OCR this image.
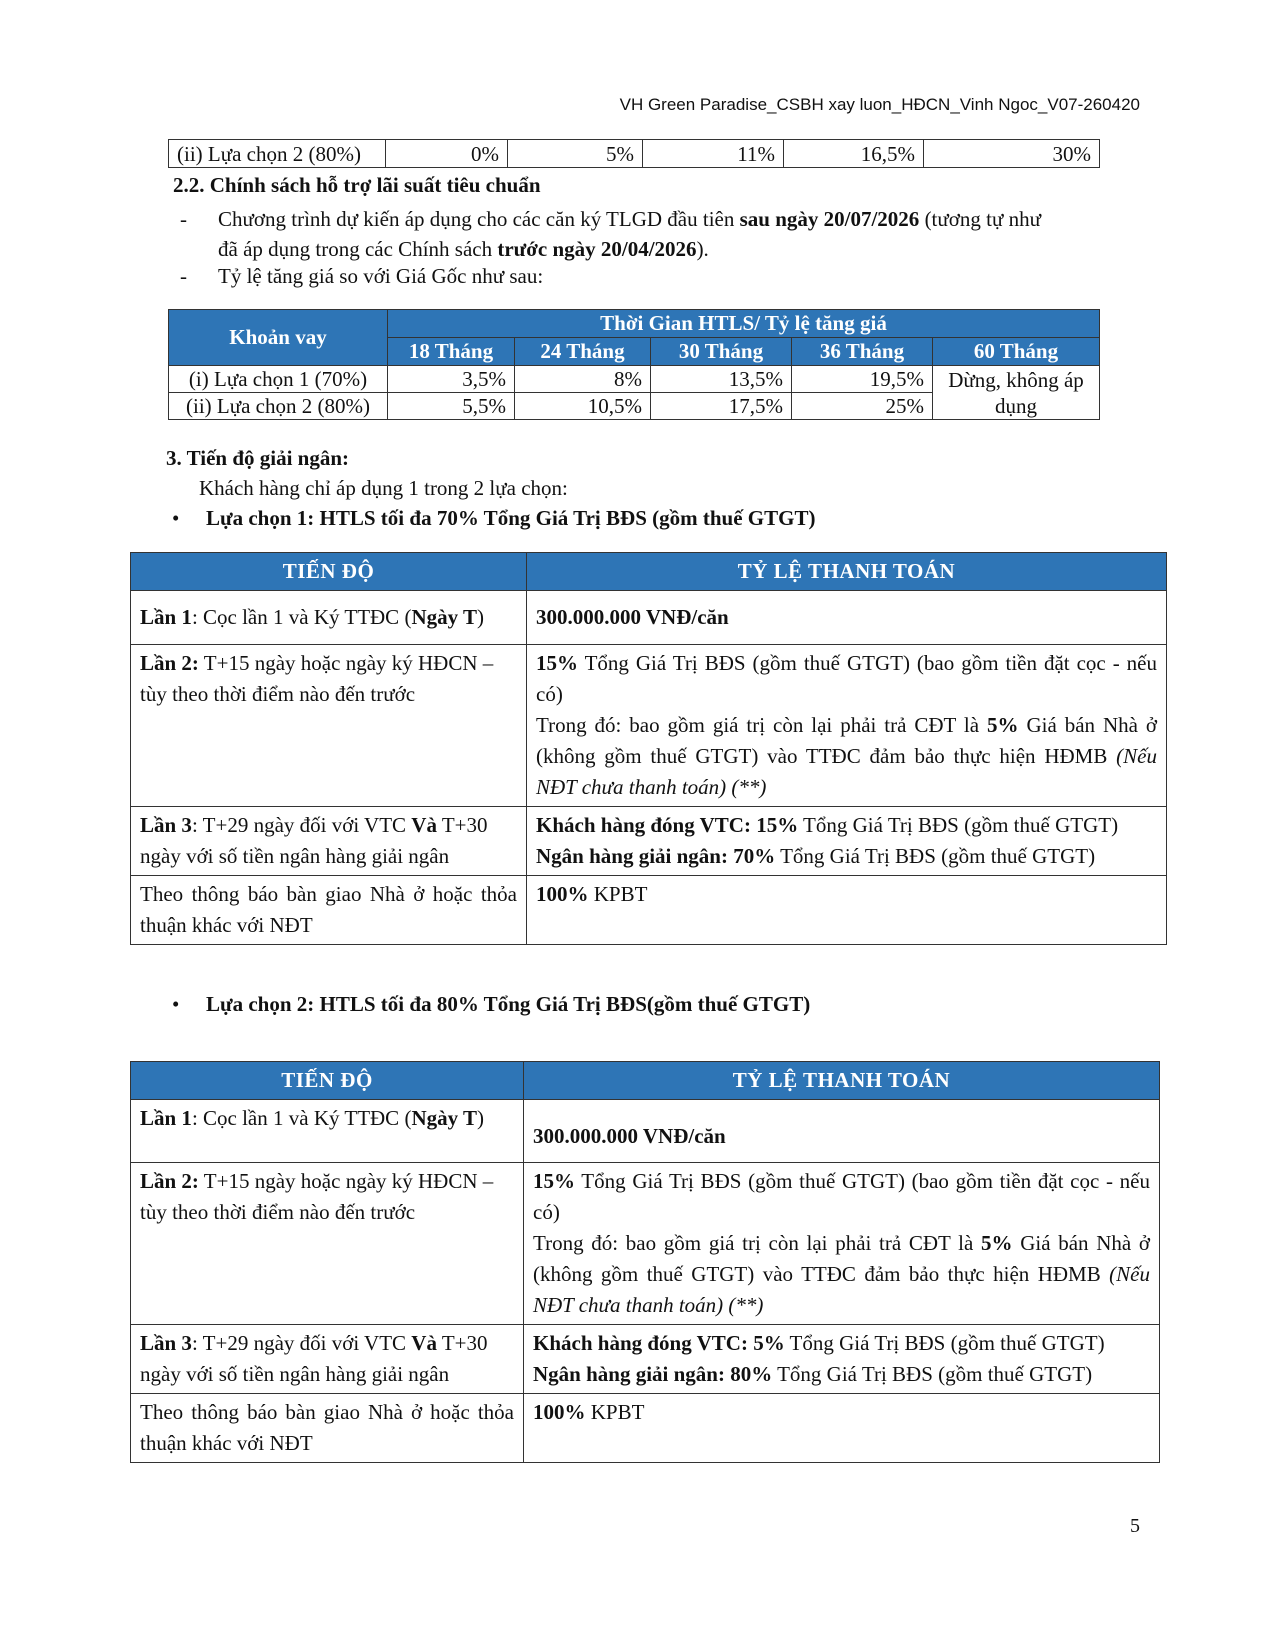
VH Green Paradise_CSBH xay luon_HĐCN_Vinh Ngoc_V07-260420
(ii) Lựa chọn 2 (80%)	0%	5%	11%	16,5%	30%
2.2. Chính sách hỗ trợ lãi suất tiêu chuẩn
- Chương trình dự kiến áp dụng cho các căn ký TLGD đầu tiên sau ngày 20/07/2026 (tương tự như
đã áp dụng trong các Chính sách trước ngày 20/04/2026).
- Tỷ lệ tăng giá so với Giá Gốc như sau:
Khoản vay	Thời Gian HTLS/ Tỷ lệ tăng giá				
	18 Tháng	24 Tháng	30 Tháng	36 Tháng	60 Tháng
(i) Lựa chọn 1 (70%)	3,5%	8%	13,5%	19,5%	Dừng, không áp dụng
(ii) Lựa chọn 2 (80%)	5,5%	10,5%	17,5%	25%	
3. Tiến độ giải ngân:
Khách hàng chỉ áp dụng 1 trong 2 lựa chọn:
• Lựa chọn 1: HTLS tối đa 70% Tổng Giá Trị BĐS (gồm thuế GTGT)
TIẾN ĐỘ	TỶ LỆ THANH TOÁN
Lần 1: Cọc lần 1 và Ký TTĐC (Ngày T)	300.000.000 VNĐ/căn
Lần 2: T+15 ngày hoặc ngày ký HĐCN – tùy theo thời điểm nào đến trước	15% Tổng Giá Trị BĐS (gồm thuế GTGT) (bao gồm tiền đặt cọc - nếu có)
Trong đó: bao gồm giá trị còn lại phải trả CĐT là 5% Giá bán Nhà ở (không gồm thuế GTGT) vào TTĐC đảm bảo thực hiện HĐMB (Nếu NĐT chưa thanh toán) (**)
Lần 3: T+29 ngày đối với VTC Và T+30 ngày với số tiền ngân hàng giải ngân	Khách hàng đóng VTC: 15% Tổng Giá Trị BĐS (gồm thuế GTGT)
Ngân hàng giải ngân: 70% Tổng Giá Trị BĐS (gồm thuế GTGT)
Theo thông báo bàn giao Nhà ở hoặc thỏa thuận khác với NĐT	100% KPBT
• Lựa chọn 2: HTLS tối đa 80% Tổng Giá Trị BĐS(gồm thuế GTGT)
TIẾN ĐỘ	TỶ LỆ THANH TOÁN
Lần 1: Cọc lần 1 và Ký TTĐC (Ngày T)	300.000.000 VNĐ/căn
Lần 2: T+15 ngày hoặc ngày ký HĐCN – tùy theo thời điểm nào đến trước	15% Tổng Giá Trị BĐS (gồm thuế GTGT) (bao gồm tiền đặt cọc - nếu có)
Trong đó: bao gồm giá trị còn lại phải trả CĐT là 5% Giá bán Nhà ở (không gồm thuế GTGT) vào TTĐC đảm bảo thực hiện HĐMB (Nếu NĐT chưa thanh toán) (**)
Lần 3: T+29 ngày đối với VTC Và T+30 ngày với số tiền ngân hàng giải ngân	Khách hàng đóng VTC: 5% Tổng Giá Trị BĐS (gồm thuế GTGT)
Ngân hàng giải ngân: 80% Tổng Giá Trị BĐS (gồm thuế GTGT)
Theo thông báo bàn giao Nhà ở hoặc thỏa thuận khác với NĐT	100% KPBT
5
